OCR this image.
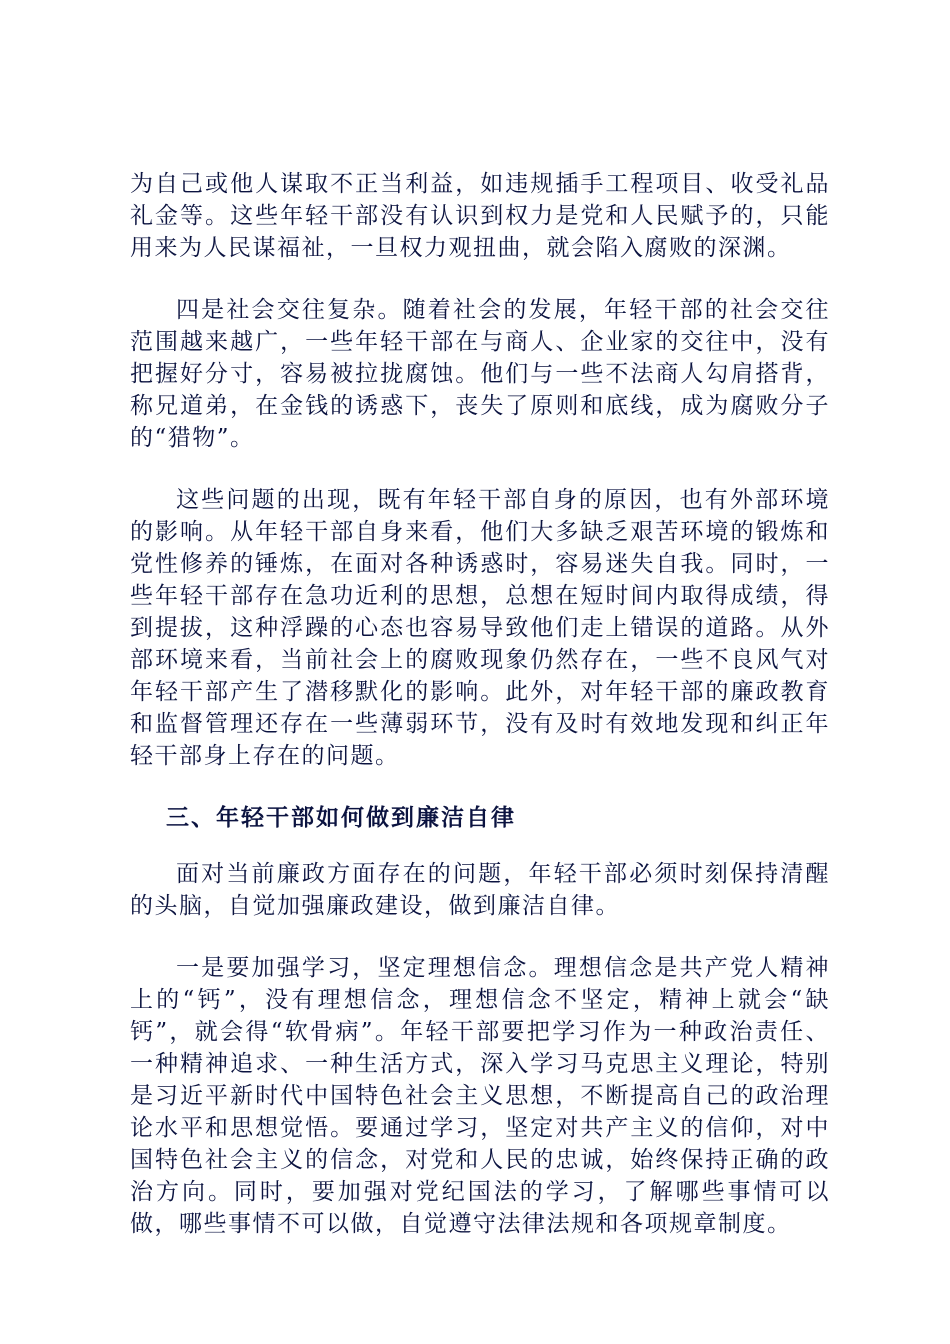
为自己或他人谋取不正当利益，如违规插手工程项目、收受礼品礼金等。这些年轻干部没有认识到权力是党和人民赋予的，只能用来为人民谋福祉，一旦权力观扭曲，就会陷入腐败的深渊。

四是社会交往复杂。随着社会的发展，年轻干部的社会交往范围越来越广，一些年轻干部在与商人、企业家的交往中，没有把握好分寸，容易被拉拢腐蚀。他们与一些不法商人勾肩搭背，称兄道弟，在金钱的诱惑下，丧失了原则和底线，成为腐败分子的“猎物”。

这些问题的出现，既有年轻干部自身的原因，也有外部环境的影响。从年轻干部自身来看，他们大多缺乏艰苦环境的锻炼和党性修养的锤炼，在面对各种诱惑时，容易迷失自我。同时，一些年轻干部存在急功近利的思想，总想在短时间内取得成绩，得到提拔，这种浮躁的心态也容易导致他们走上错误的道路。从外部环境来看，当前社会上的腐败现象仍然存在，一些不良风气对年轻干部产生了潜移默化的影响。此外，对年轻干部的廉政教育和监督管理还存在一些薄弱环节，没有及时有效地发现和纠正年轻干部身上存在的问题。

三、年轻干部如何做到廉洁自律

面对当前廉政方面存在的问题，年轻干部必须时刻保持清醒的头脑，自觉加强廉政建设，做到廉洁自律。

一是要加强学习，坚定理想信念。理想信念是共产党人精神上的“钙”，没有理想信念，理想信念不坚定，精神上就会“缺钙”，就会得“软骨病”。年轻干部要把学习作为一种政治责任、一种精神追求、一种生活方式，深入学习马克思主义理论，特别是习近平新时代中国特色社会主义思想，不断提高自己的政治理论水平和思想觉悟。要通过学习，坚定对共产主义的信仰，对中国特色社会主义的信念，对党和人民的忠诚，始终保持正确的政治方向。同时，要加强对党纪国法的学习，了解哪些事情可以做，哪些事情不可以做，自觉遵守法律法规和各项规章制度。
